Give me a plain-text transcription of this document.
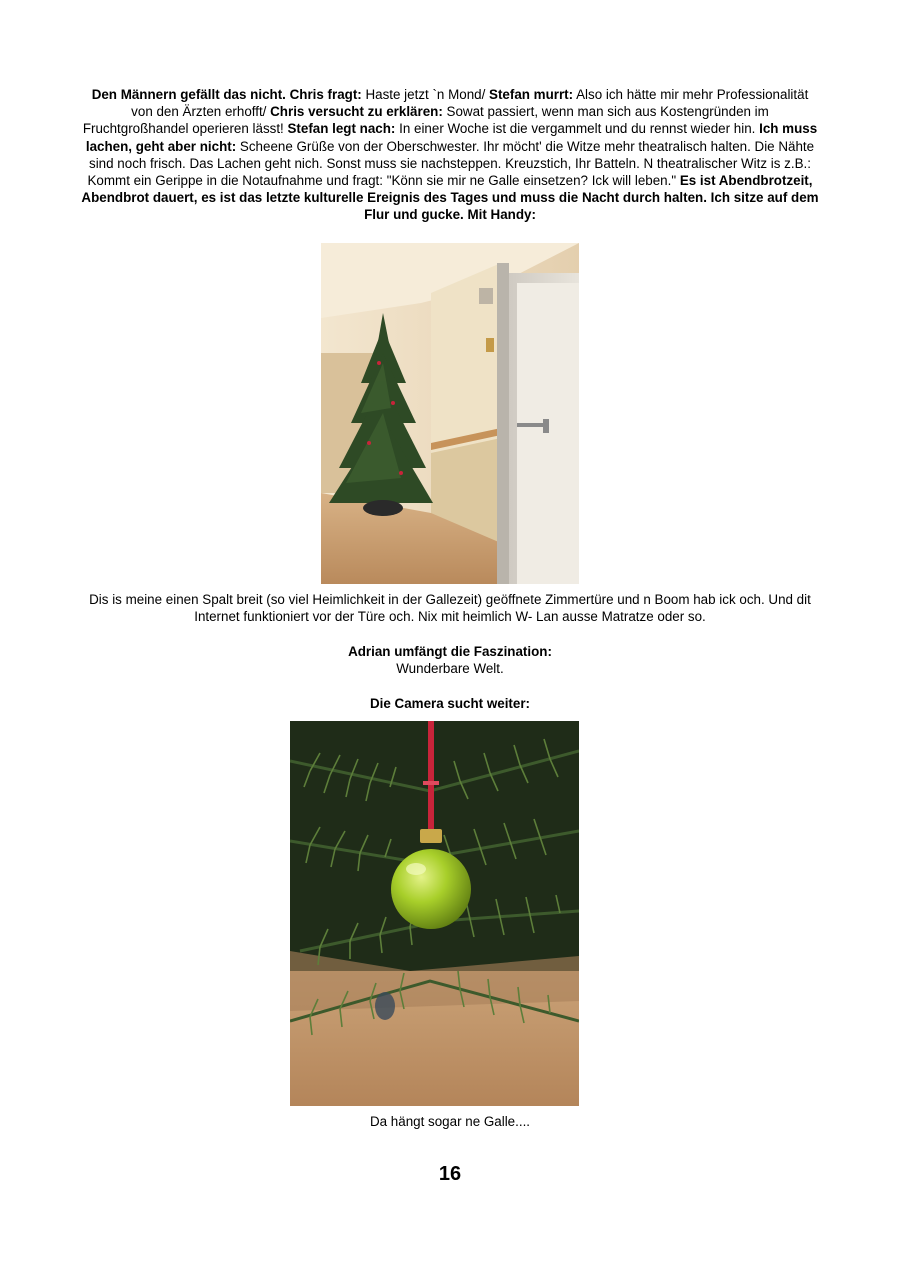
Den Männern gefällt das nicht. Chris fragt: Haste jetzt `n Mond/ Stefan murrt: Also ich hätte mir mehr Professionalität von den Ärzten erhofft/ Chris versucht zu erklären: Sowat passiert, wenn man sich aus Kostengründen im Fruchtgroßhandel operieren lässt! Stefan legt nach: In einer Woche ist die vergammelt und du rennst wieder hin. Ich muss lachen, geht aber nicht: Scheene Grüße von der Oberschwester. Ihr möcht' die Witze mehr theatralisch halten. Die Nähte sind noch frisch. Das Lachen geht nich. Sonst muss sie nachsteppen. Kreuzstich, Ihr Batteln. N theatralischer Witz is z.B.: Kommt ein Gerippe in die Notaufnahme und fragt: "Könn sie mir ne Galle einsetzen? Ick will leben." Es ist Abendbrotzeit, Abendbrot dauert, es ist das letzte kulturelle Ereignis des Tages und muss die Nacht durch halten. Ich sitze auf dem Flur und gucke. Mit Handy:
Dis is meine einen Spalt breit (so viel Heimlichkeit in der Gallezeit) geöffnete Zimmertüre und n Boom hab ick och. Und dit Internet funktioniert vor der Türe och. Nix mit heimlich W- Lan ausse Matratze oder so.
Adrian umfängt die Faszination:
Wunderbare Welt.
Die Camera sucht weiter:
Da hängt sogar ne Galle....
16
